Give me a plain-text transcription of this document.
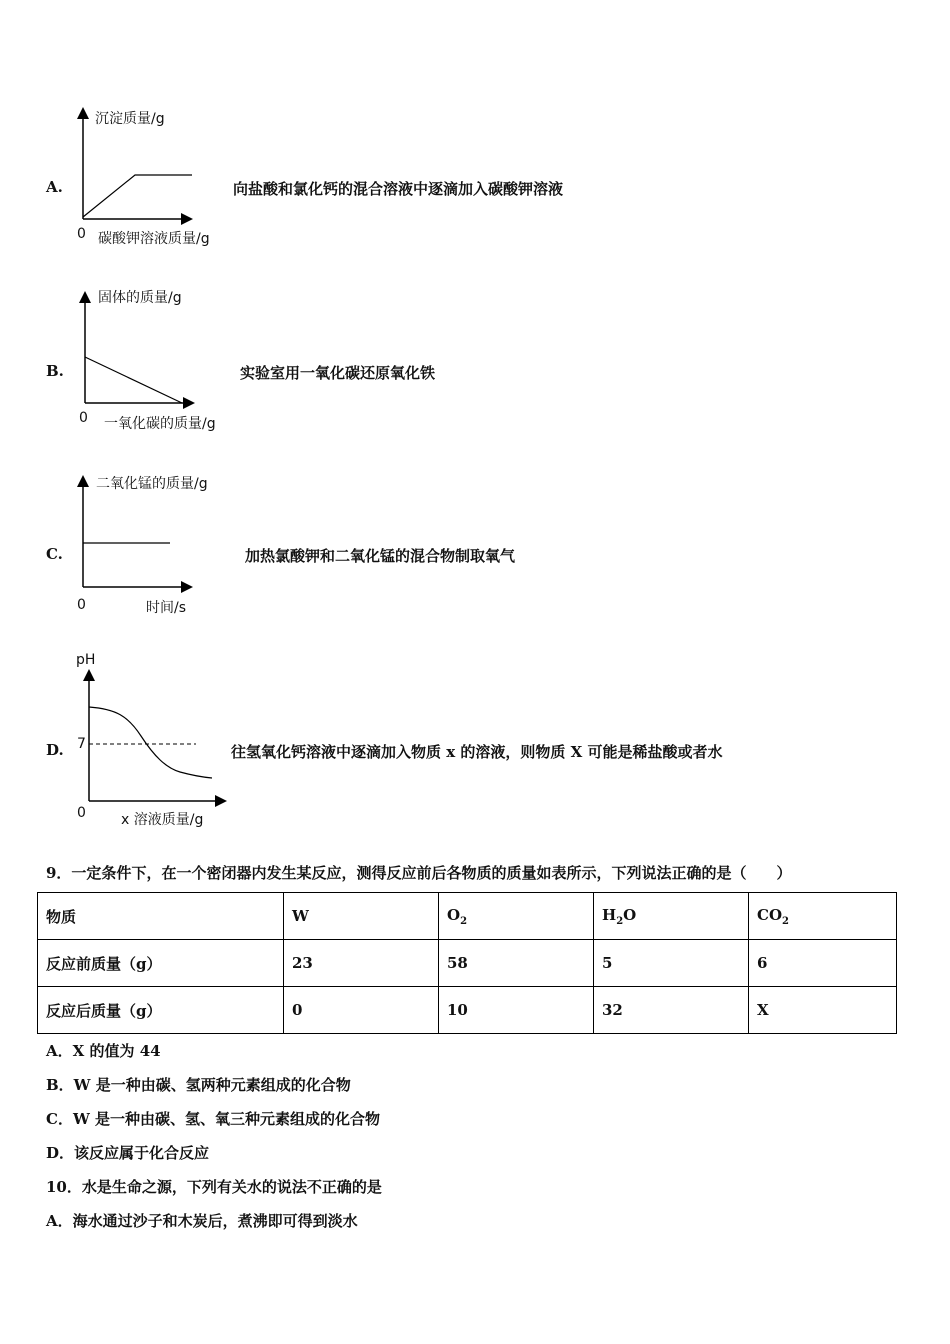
A.
沉淀质量/g
0 碳酸钾溶液质量/g
向盐酸和氯化钙的混合溶液中逐滴加入碳酸钾溶液
B.
固体的质量/g
0 一氧化碳的质量/g
实验室用一氧化碳还原氧化铁
C.
二氧化锰的质量/g
0	时间/s
加热氯酸钾和二氧化锰的混合物制取氧气
D.
pH
7
0	x 溶液质量/g
往氢氧化钙溶液中逐滴加入物质 x 的溶液，则物质 X 可能是稀盐酸或者水
9．一定条件下，在一个密闭器内发生某反应，测得反应前后各物质的质量如表所示，下列说法正确的是（　　）
物质	W	$O_2$	$H_2O$	$CO_2$
反应前质量（g）	23	58	5	6
反应后质量（g）	0	10	32	X
A．X 的值为 44
B．W 是一种由碳、氢两种元素组成的化合物
C．W 是一种由碳、氢、氧三种元素组成的化合物
D．该反应属于化合反应
10．水是生命之源，下列有关水的说法不正确的是
A．海水通过沙子和木炭后，煮沸即可得到淡水
